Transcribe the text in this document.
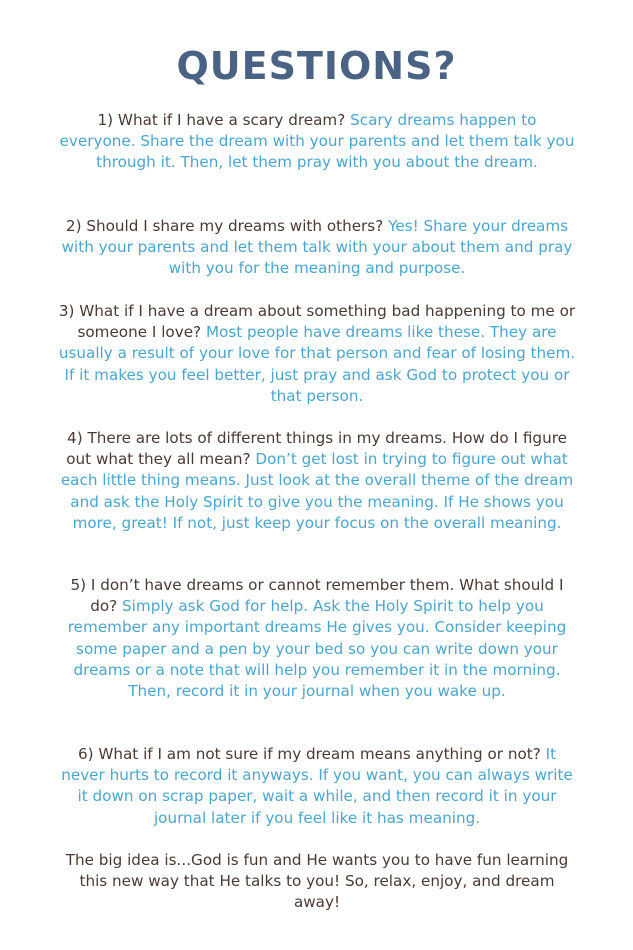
QUESTIONS?

1) What if I have a scary dream? Scary dreams happen to everyone. Share the dream with your parents and let them talk you through it. Then, let them pray with you about the dream.

2) Should I share my dreams with others? Yes! Share your dreams with your parents and let them talk with your about them and pray with you for the meaning and purpose.

3) What if I have a dream about something bad happening to me or someone I love? Most people have dreams like these. They are usually a result of your love for that person and fear of losing them. If it makes you feel better, just pray and ask God to protect you or that person.

4) There are lots of different things in my dreams. How do I figure out what they all mean? Don’t get lost in trying to figure out what each little thing means. Just look at the overall theme of the dream and ask the Holy Spirit to give you the meaning. If He shows you more, great! If not, just keep your focus on the overall meaning.

5) I don’t have dreams or cannot remember them. What should I do? Simply ask God for help. Ask the Holy Spirit to help you remember any important dreams He gives you. Consider keeping some paper and a pen by your bed so you can write down your dreams or a note that will help you remember it in the morning. Then, record it in your journal when you wake up.

6) What if I am not sure if my dream means anything or not? It never hurts to record it anyways. If you want, you can always write it down on scrap paper, wait a while, and then record it in your journal later if you feel like it has meaning.

The big idea is...God is fun and He wants you to have fun learning this new way that He talks to you! So, relax, enjoy, and dream away!
